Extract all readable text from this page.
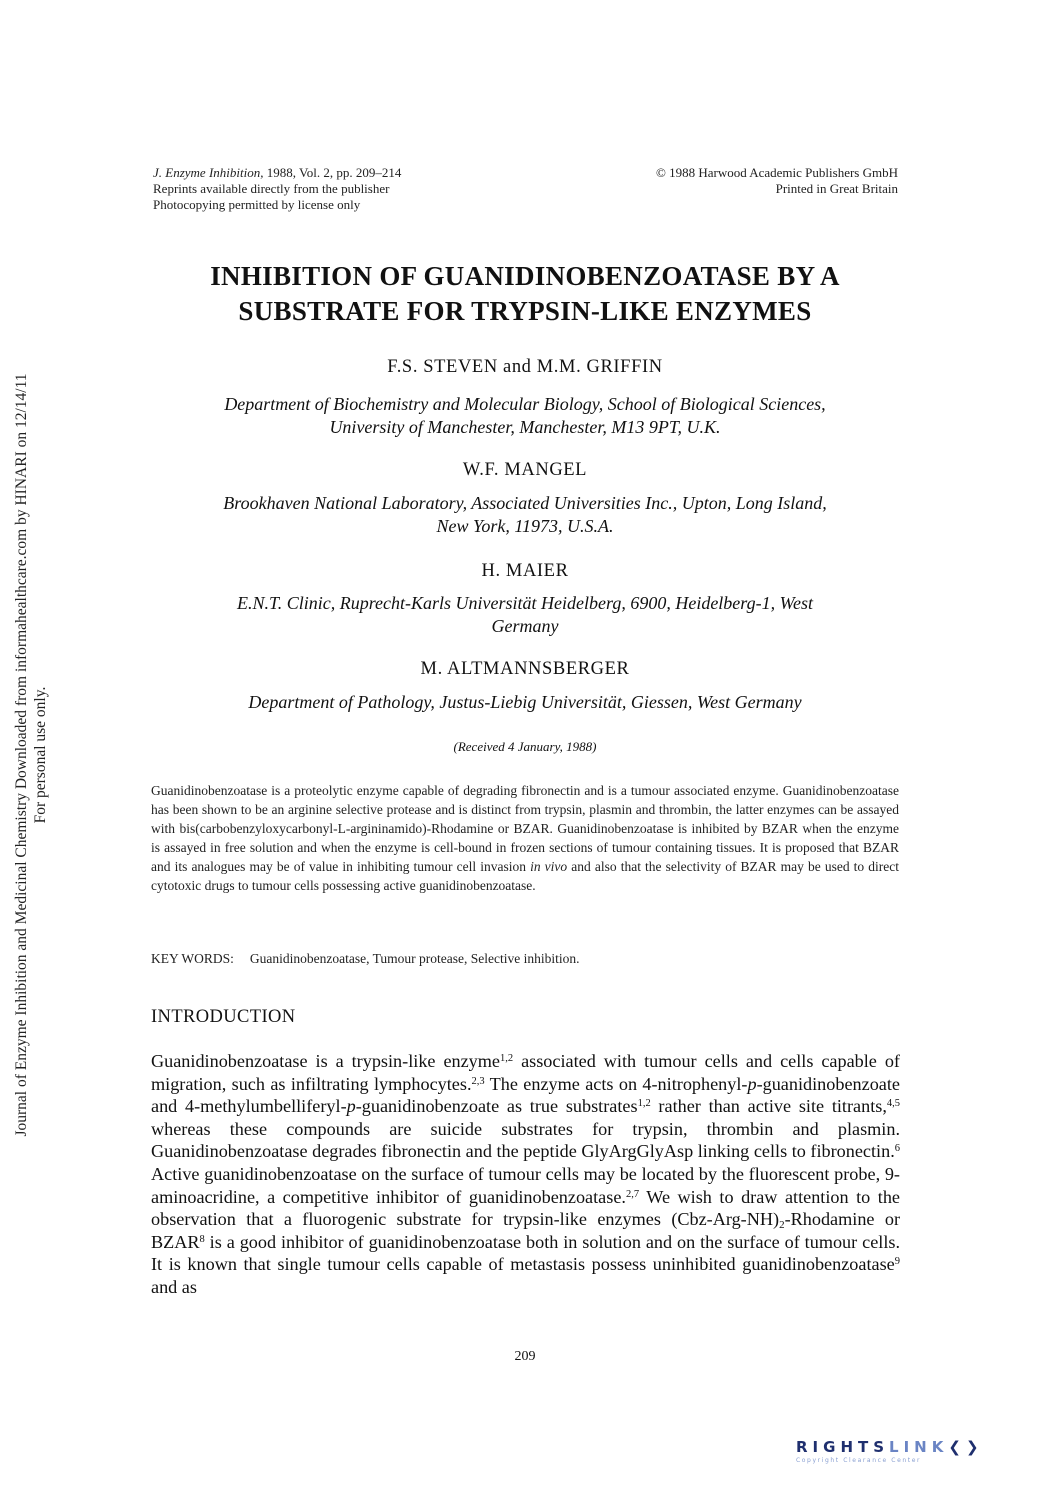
Journal of Enzyme Inhibition and Medicinal Chemistry Downloaded from informahealthcare.com by HINARI on 12/14/11 For personal use only.
J. Enzyme Inhibition, 1988, Vol. 2, pp. 209–214
Reprints available directly from the publisher
Photocopying permitted by license only
© 1988 Harwood Academic Publishers GmbH
Printed in Great Britain
INHIBITION OF GUANIDINOBENZOATASE BY A
SUBSTRATE FOR TRYPSIN-LIKE ENZYMES
F.S. STEVEN and M.M. GRIFFIN
Department of Biochemistry and Molecular Biology, School of Biological Sciences,
University of Manchester, Manchester, M13 9PT, U.K.
W.F. MANGEL
Brookhaven National Laboratory, Associated Universities Inc., Upton, Long Island,
New York, 11973, U.S.A.
H. MAIER
E.N.T. Clinic, Ruprecht-Karls Universität Heidelberg, 6900, Heidelberg-1, West
Germany
M. ALTMANNSBERGER
Department of Pathology, Justus-Liebig Universität, Giessen, West Germany
(Received 4 January, 1988)
Guanidinobenzoatase is a proteolytic enzyme capable of degrading fibronectin and is a tumour associated enzyme. Guanidinobenzoatase has been shown to be an arginine selective protease and is distinct from trypsin, plasmin and thrombin, the latter enzymes can be assayed with bis(carbobenzyloxycarbonyl-L-argininamido)-Rhodamine or BZAR. Guanidinobenzoatase is inhibited by BZAR when the enzyme is assayed in free solution and when the enzyme is cell-bound in frozen sections of tumour containing tissues. It is proposed that BZAR and its analogues may be of value in inhibiting tumour cell invasion in vivo and also that the selectivity of BZAR may be used to direct cytotoxic drugs to tumour cells possessing active guanidinobenzoatase.
KEY WORDS: Guanidinobenzoatase, Tumour protease, Selective inhibition.
INTRODUCTION
Guanidinobenzoatase is a trypsin-like enzyme$^{1,2}$ associated with tumour cells and cells capable of migration, such as infiltrating lymphocytes.$^{2,3}$ The enzyme acts on 4-nitrophenyl-p-guanidinobenzoate and 4-methylumbelliferyl-p-guanidinobenzoate as true substrates$^{1,2}$ rather than active site titrants,$^{4,5}$ whereas these compounds are suicide substrates for trypsin, thrombin and plasmin. Guanidinobenzoatase degrades fibronectin and the peptide GlyArgGlyAsp linking cells to fibronectin.$^6$ Active guanidinobenzoatase on the surface of tumour cells may be located by the fluorescent probe, 9-aminoacridine, a competitive inhibitor of guanidinobenzoatase.$^{2,7}$ We wish to draw attention to the observation that a fluorogenic substrate for trypsin-like enzymes $(Cbz-Arg-NH)_2$-Rhodamine or BZAR$^8$ is a good inhibitor of guanidinobenzoatase both in solution and on the surface of tumour cells. It is known that single tumour cells capable of metastasis possess uninhibited guanidinobenzoatase$^9$ and as
209
RIGHTSLINK❮❯
Copyright Clearance Center
